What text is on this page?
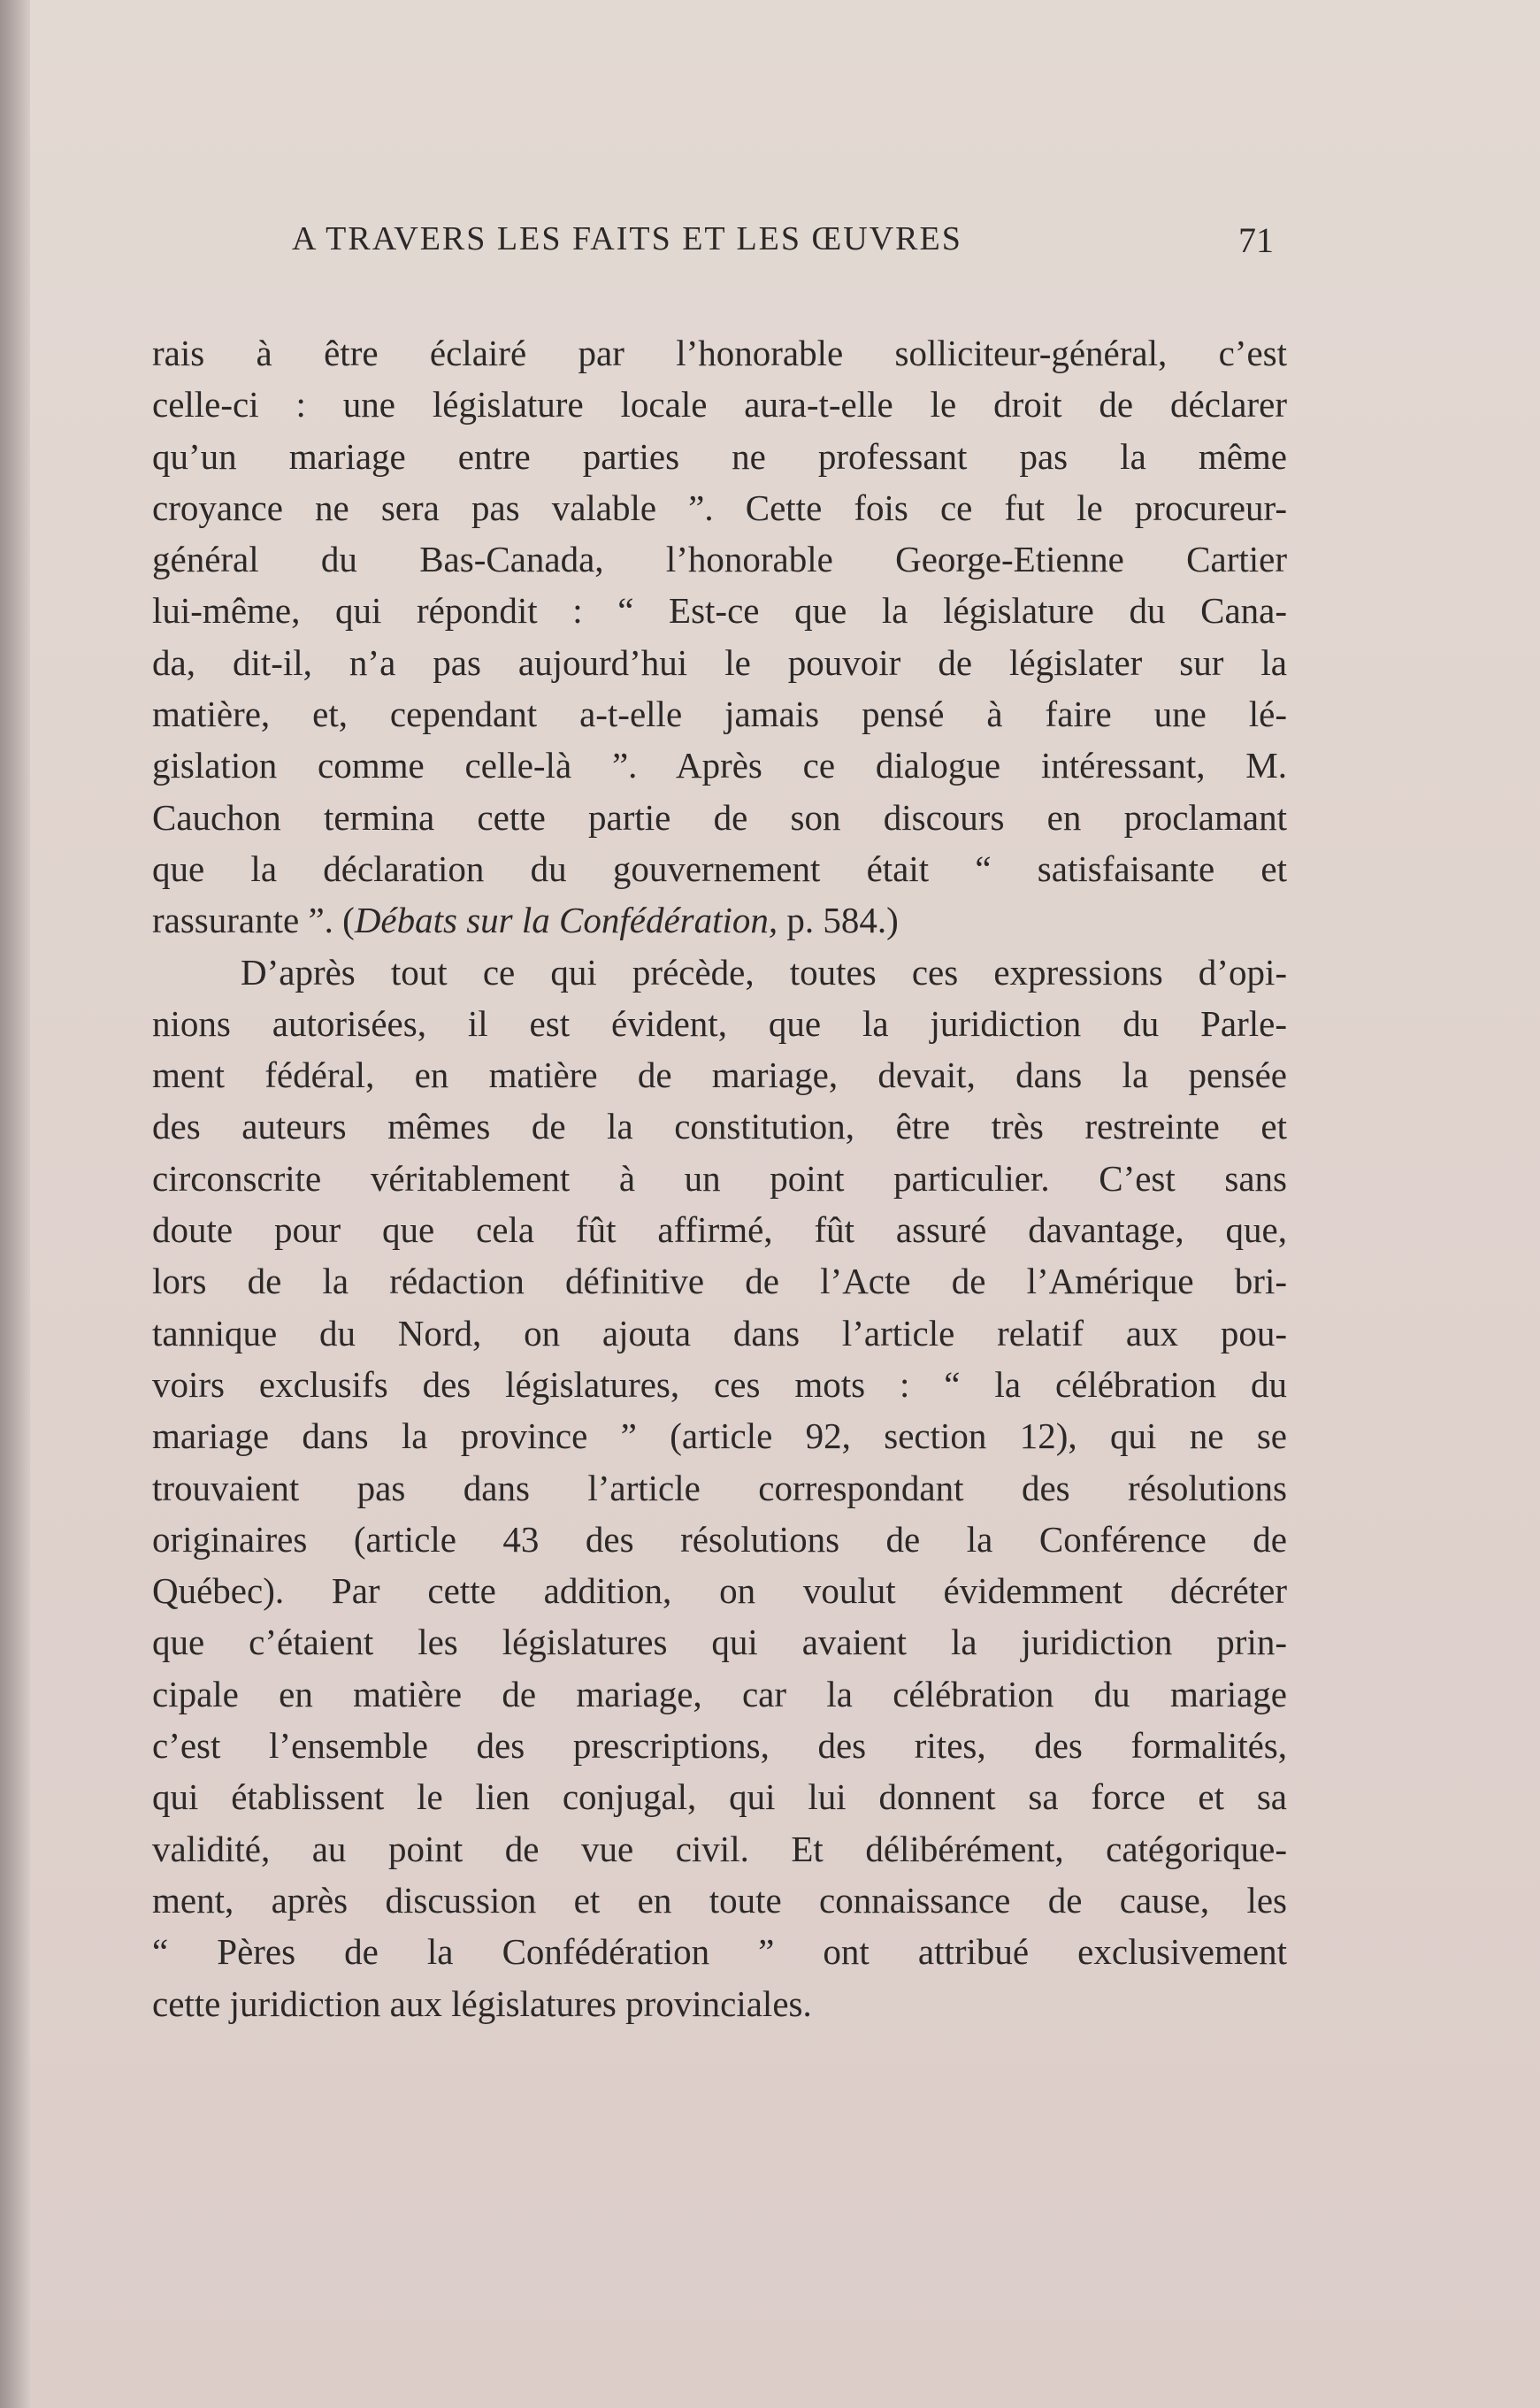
A TRAVERS LES FAITS ET LES ŒUVRES	71
rais à être éclairé par l’honorable solliciteur-général, c’est
celle-ci : une législature locale aura-t-elle le droit de déclarer
qu’un mariage entre parties ne professant pas la même
croyance ne sera pas valable ”. Cette fois ce fut le procureur-
général du Bas-Canada, l’honorable George-Etienne Cartier
lui-même, qui répondit : “ Est-ce que la législature du Cana-
da, dit-il, n’a pas aujourd’hui le pouvoir de législater sur la
matière, et, cependant a-t-elle jamais pensé à faire une lé-
gislation comme celle-là ”. Après ce dialogue intéressant, M.
Cauchon termina cette partie de son discours en proclamant
que la déclaration du gouvernement était “ satisfaisante et
rassurante ”. (Débats sur la Confédération, p. 584.)
D’après tout ce qui précède, toutes ces expressions d’opi-
nions autorisées, il est évident, que la juridiction du Parle-
ment fédéral, en matière de mariage, devait, dans la pensée
des auteurs mêmes de la constitution, être très restreinte et
circonscrite véritablement à un point particulier. C’est sans
doute pour que cela fût affirmé, fût assuré davantage, que,
lors de la rédaction définitive de l’Acte de l’Amérique bri-
tannique du Nord, on ajouta dans l’article relatif aux pou-
voirs exclusifs des législatures, ces mots : “ la célébration du
mariage dans la province ” (article 92, section 12), qui ne se
trouvaient pas dans l’article correspondant des résolutions
originaires (article 43 des résolutions de la Conférence de
Québec). Par cette addition, on voulut évidemment décréter
que c’étaient les législatures qui avaient la juridiction prin-
cipale en matière de mariage, car la célébration du mariage
c’est l’ensemble des prescriptions, des rites, des formalités,
qui établissent le lien conjugal, qui lui donnent sa force et sa
validité, au point de vue civil. Et délibérément, catégorique-
ment, après discussion et en toute connaissance de cause, les
“ Pères de la Confédération ” ont attribué exclusivement
cette juridiction aux législatures provinciales.
